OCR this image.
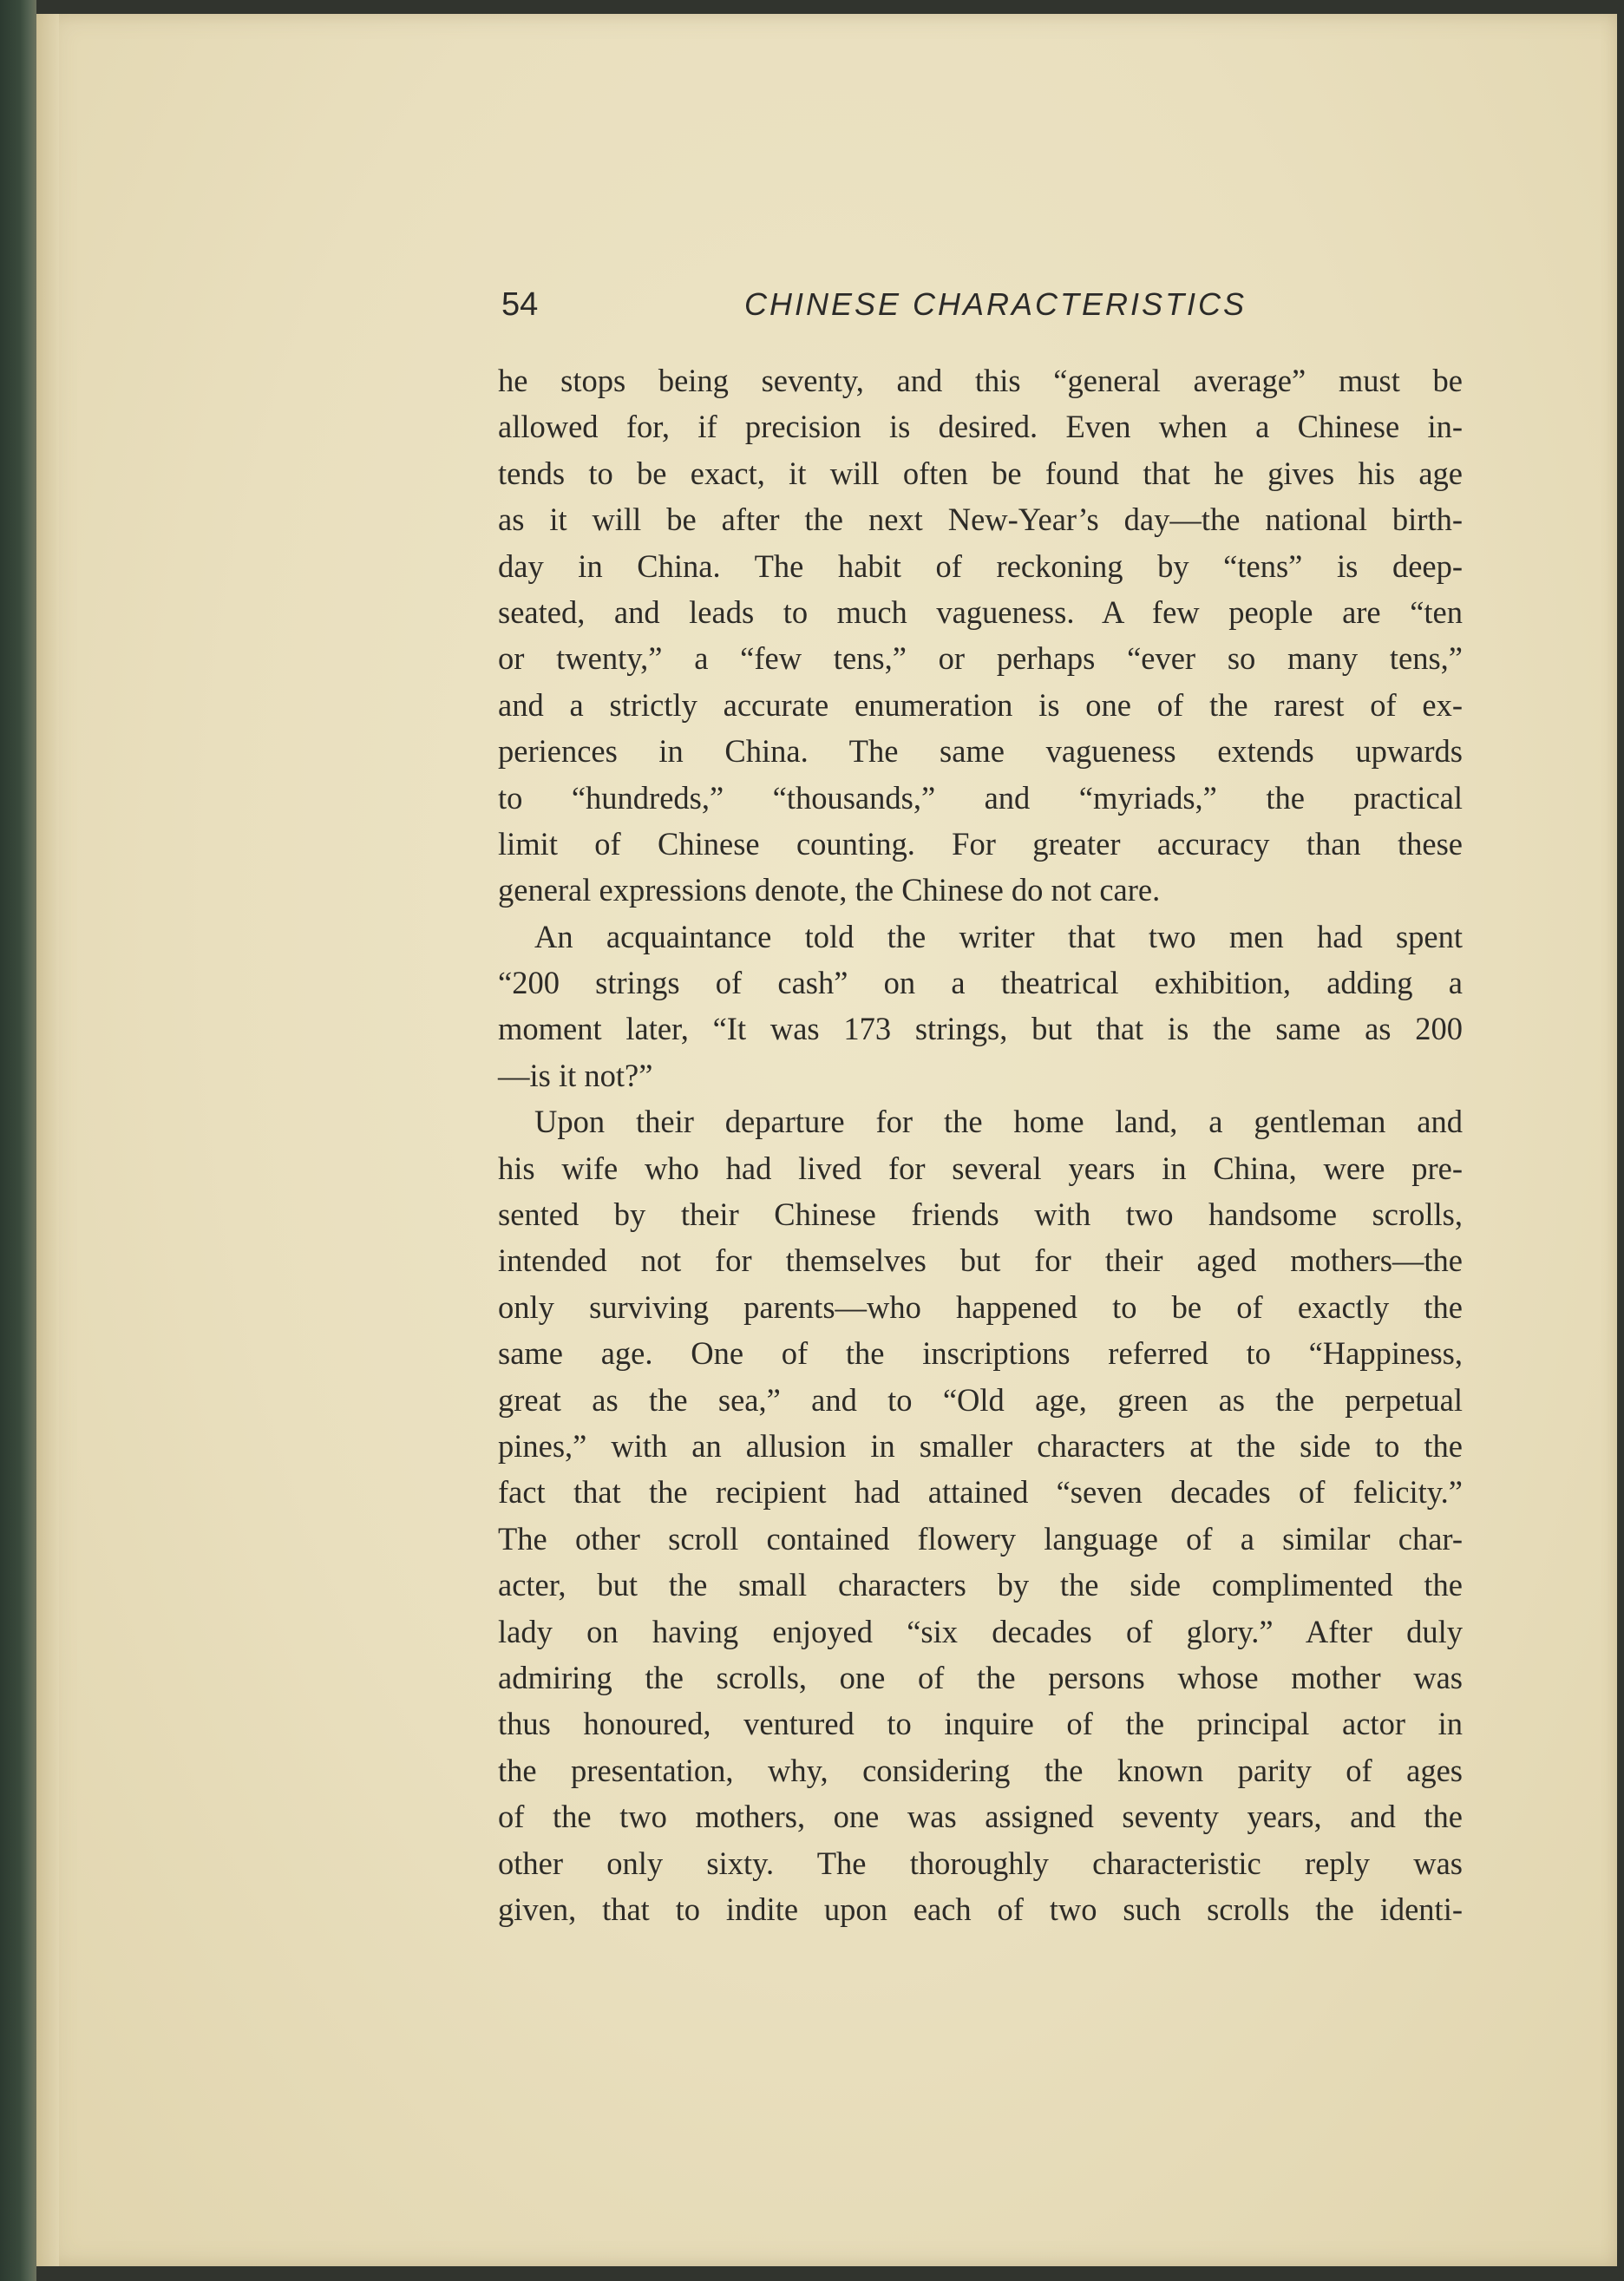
54	CHINESE CHARACTERISTICS
he stops being seventy, and this “general average” must be
allowed for, if precision is desired. Even when a Chinese in-
tends to be exact, it will often be found that he gives his age
as it will be after the next New-Year’s day—the national birth-
day in China. The habit of reckoning by “tens” is deep-
seated, and leads to much vagueness. A few people are “ten
or twenty,” a “few tens,” or perhaps “ever so many tens,”
and a strictly accurate enumeration is one of the rarest of ex-
periences in China. The same vagueness extends upwards
to “hundreds,” “thousands,” and “myriads,” the practical
limit of Chinese counting. For greater accuracy than these
general expressions denote, the Chinese do not care.
An acquaintance told the writer that two men had spent
“200 strings of cash” on a theatrical exhibition, adding a
moment later, “It was 173 strings, but that is the same as 200
—is it not?”
Upon their departure for the home land, a gentleman and
his wife who had lived for several years in China, were pre-
sented by their Chinese friends with two handsome scrolls,
intended not for themselves but for their aged mothers—the
only surviving parents—who happened to be of exactly the
same age. One of the inscriptions referred to “Happiness,
great as the sea,” and to “Old age, green as the perpetual
pines,” with an allusion in smaller characters at the side to the
fact that the recipient had attained “seven decades of felicity.”
The other scroll contained flowery language of a similar char-
acter, but the small characters by the side complimented the
lady on having enjoyed “six decades of glory.” After duly
admiring the scrolls, one of the persons whose mother was
thus honoured, ventured to inquire of the principal actor in
the presentation, why, considering the known parity of ages
of the two mothers, one was assigned seventy years, and the
other only sixty. The thoroughly characteristic reply was
given, that to indite upon each of two such scrolls the identi-
